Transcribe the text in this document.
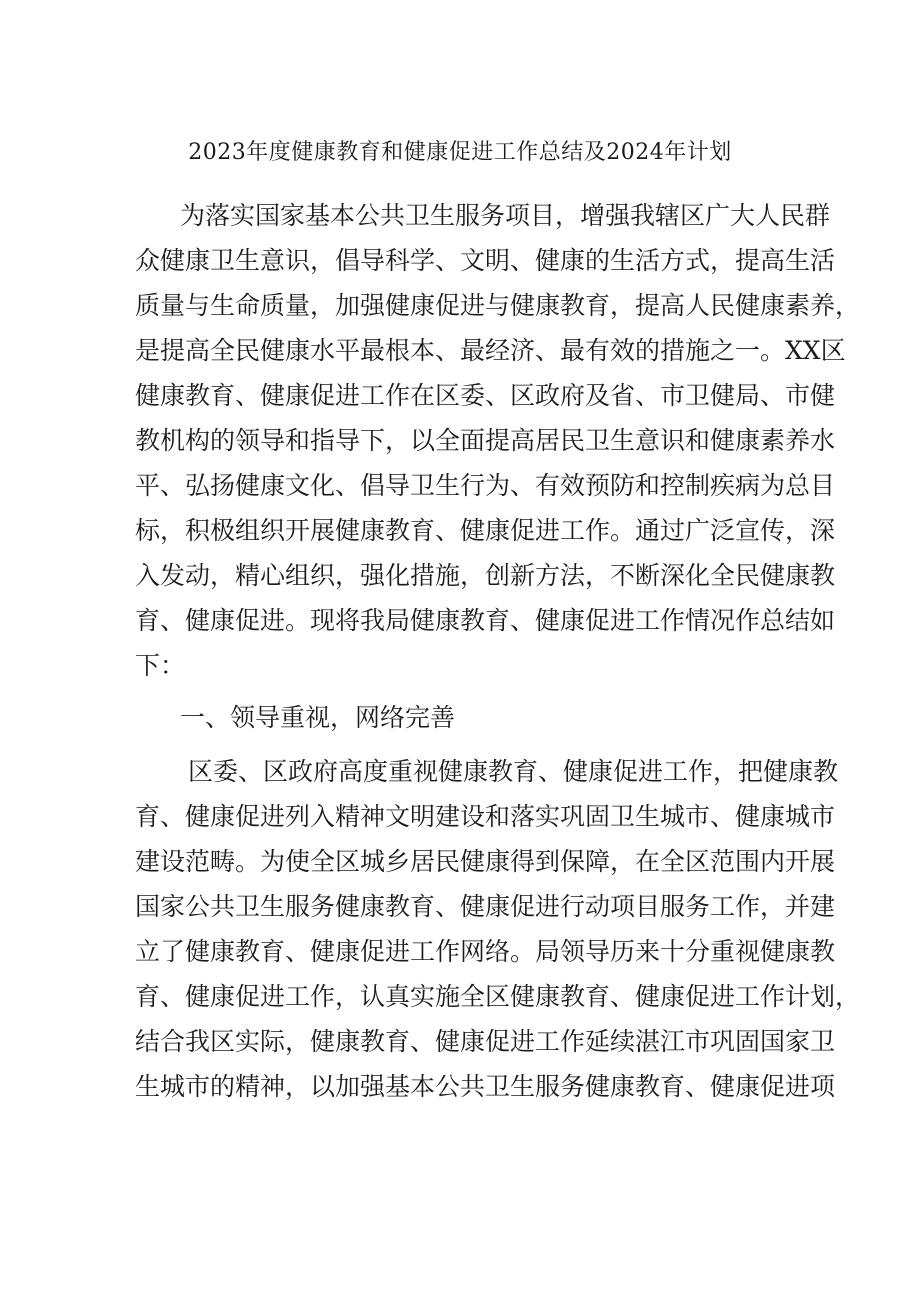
2023年度健康教育和健康促进工作总结及2024年计划
为落实国家基本公共卫生服务项目，增强我辖区广大人民群
众健康卫生意识，倡导科学、文明、健康的生活方式，提高生活
质量与生命质量，加强健康促进与健康教育，提高人民健康素养，
是提高全民健康水平最根本、最经济、最有效的措施之一。XX区
健康教育、健康促进工作在区委、区政府及省、市卫健局、市健
教机构的领导和指导下，以全面提高居民卫生意识和健康素养水
平、弘扬健康文化、倡导卫生行为、有效预防和控制疾病为总目
标，积极组织开展健康教育、健康促进工作。通过广泛宣传，深
入发动，精心组织，强化措施，创新方法，不断深化全民健康教
育、健康促进。现将我局健康教育、健康促进工作情况作总结如
下：
一、领导重视，网络完善
区委、区政府高度重视健康教育、健康促进工作，把健康教
育、健康促进列入精神文明建设和落实巩固卫生城市、健康城市
建设范畴。为使全区城乡居民健康得到保障，在全区范围内开展
国家公共卫生服务健康教育、健康促进行动项目服务工作，并建
立了健康教育、健康促进工作网络。局领导历来十分重视健康教
育、健康促进工作，认真实施全区健康教育、健康促进工作计划，
结合我区实际，健康教育、健康促进工作延续湛江市巩固国家卫
生城市的精神，以加强基本公共卫生服务健康教育、健康促进项
